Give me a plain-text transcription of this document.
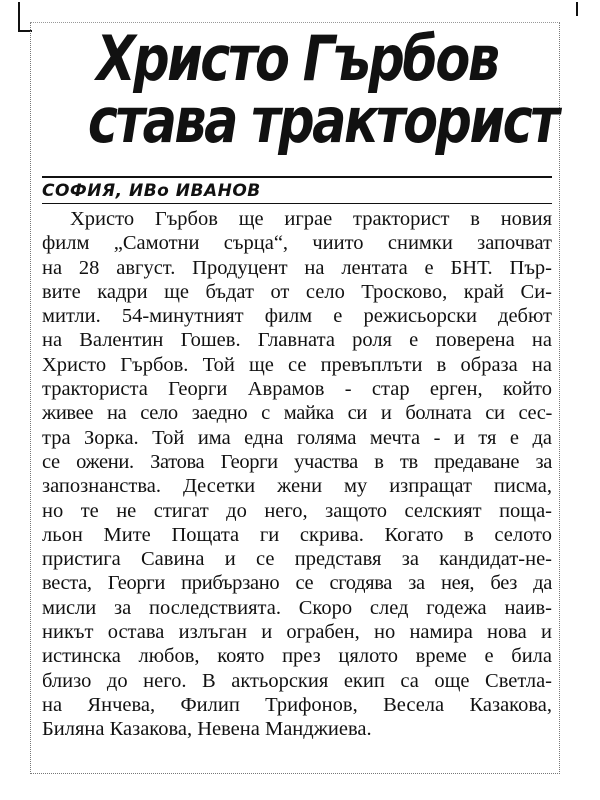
Христо Гърбов
става тракторист

СОФИЯ, ИВо ИВАНОВ

Христо Гърбов ще играе тракторист в новия
филм „Самотни сърца“, чиито снимки започват
на 28 август. Продуцент на лентата е БНТ. Пър-
вите кадри ще бъдат от село Тросково, край Си-
митли. 54-минутният филм е режисьорски дебют
на Валентин Гошев. Главната роля е поверена на
Христо Гърбов. Той ще се превъплъти в образа на
тракториста Георги Аврамов - стар ерген, който
живее на село заедно с майка си и болната си сес-
тра Зорка. Той има една голяма мечта - и тя е да
се ожени. Затова Георги участва в тв предаване за
запознанства. Десетки жени му изпращат писма,
но те не стигат до него, защото селският поща-
льон Мите Пощата ги скрива. Когато в селото
пристига Савина и се представя за кандидат-не-
веста, Георги прибързано се сгодява за нея, без да
мисли за последствията. Скоро след годежа наив-
никът остава излъган и ограбен, но намира нова и
истинска любов, която през цялото време е била
близо до него. В актьорския екип са още Светла-
на Янчева, Филип Трифонов, Весела Казакова,
Биляна Казакова, Невена Манджиева.
